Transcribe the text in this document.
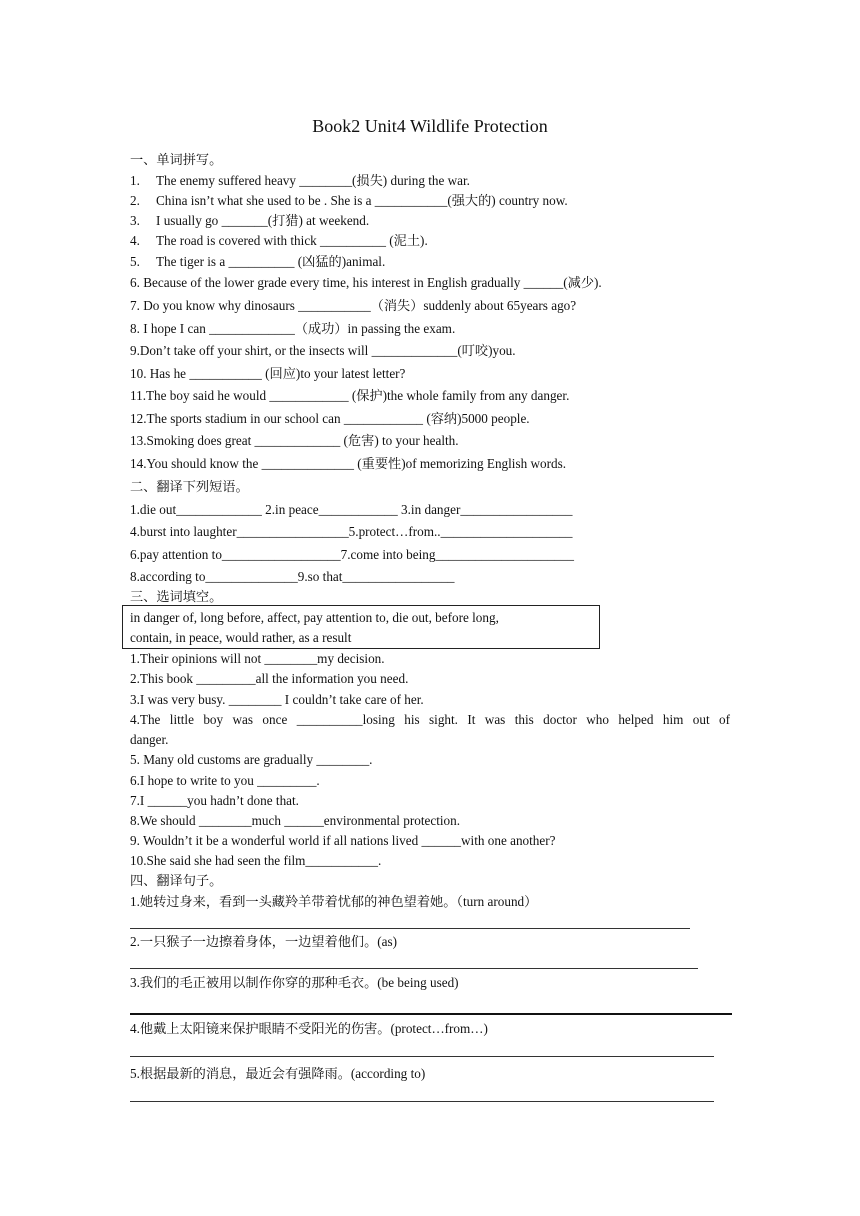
Book2 Unit4 Wildlife Protection
一、单词拼写。
1. The enemy suffered heavy ________(损失) during the war.
2. China isn’t what she used to be . She is a ___________(强大的) country now.
3. I usually go _______(打猎) at weekend.
4. The road is covered with thick __________ (泥土).
5. The tiger is a __________ (凶猛的)animal.
6. Because of the lower grade every time, his interest in English gradually ______(减少).
7. Do you know why dinosaurs ___________（消失）suddenly about 65years ago?
8. I hope I can _____________（成功）in passing the exam.
9.Don’t take off your shirt, or the insects will _____________(叮咬)you.
10. Has he ___________ (回应)to your latest letter?
11.The boy said he would ____________ (保护)the whole family from any danger.
12.The sports stadium in our school can ____________ (容纳)5000 people.
13.Smoking does great _____________ (危害) to your health.
14.You should know the ______________ (重要性)of memorizing English words.
二、翻译下列短语。
1.die out_____________ 2.in peace____________ 3.in danger_________________
4.burst into laughter_________________5.protect…from..____________________
6.pay attention to__________________7.come into being_____________________
8.according to______________9.so that_________________
三、选词填空。
in danger of, long before, affect, pay attention to, die out, before long,
contain, in peace, would rather, as a result
1.Their opinions will not ________my decision.
2.This book _________all the information you need.
3.I was very busy. ________ I couldn’t take care of her.
4.The little boy was once __________losing his sight. It was this doctor who helped him out of
danger.
5. Many old customs are gradually ________.
6.I hope to write to you _________.
7.I ______you hadn’t done that.
8.We should ________much ______environmental protection.
9. Wouldn’t it be a wonderful world if all nations lived ______with one another?
10.She said she had seen the film___________.
四、翻译句子。
1.她转过身来，看到一头藏羚羊带着忧郁的神色望着她。（turn around）
2.一只猴子一边擦着身体，一边望着他们。(as)
3.我们的毛正被用以制作你穿的那种毛衣。(be being used)
4.他戴上太阳镜来保护眼睛不受阳光的伤害。(protect…from…)
5.根据最新的消息，最近会有强降雨。(according to)
